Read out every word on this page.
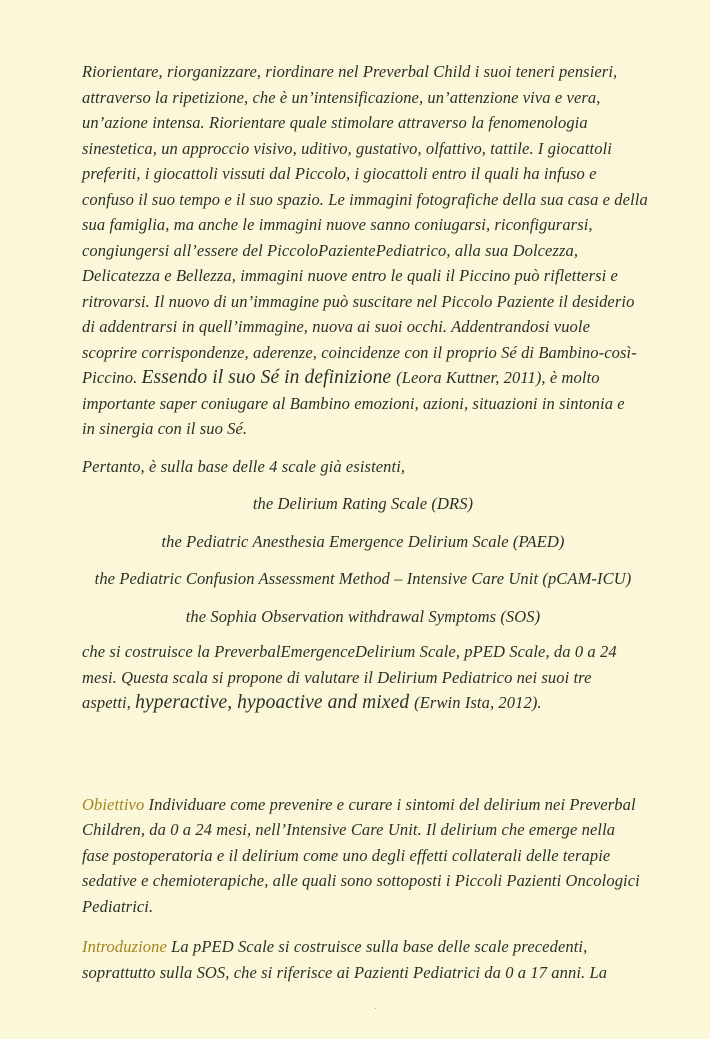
Riorientare, riorganizzare, riordinare nel Preverbal Child i suoi teneri pensieri,
attraverso la ripetizione, che è un’intensificazione, un’attenzione viva e vera,
un’azione intensa. Riorientare quale stimolare attraverso la fenomenologia
sinestetica, un approccio visivo, uditivo, gustativo, olfattivo, tattile. I giocattoli
preferiti, i giocattoli vissuti dal Piccolo, i giocattoli entro il quali ha infuso e
confuso il suo tempo e il suo spazio. Le immagini fotografiche della sua casa e della
sua famiglia, ma anche le immagini nuove sanno coniugarsi, riconfigurarsi,
congiungersi all’essere del PiccoloPazientePediatrico, alla sua Dolcezza,
Delicatezza e Bellezza, immagini nuove entro le quali il Piccino può riflettersi e
ritrovarsi. Il nuovo di un’immagine può suscitare nel Piccolo Paziente il desiderio
di addentrarsi in quell’immagine, nuova ai suoi occhi. Addentrandosi vuole
scoprire corrispondenze, aderenze, coincidenze con il proprio Sé di Bambino-così-
Piccino. Essendo il suo Sé in definizione (Leora Kuttner, 2011), è molto
importante saper coniugare al Bambino emozioni, azioni, situazioni in sintonia e
in sinergia con il suo Sé.
Pertanto, è sulla base delle 4 scale già esistenti,
the Delirium Rating Scale (DRS)
the Pediatric Anesthesia Emergence Delirium Scale (PAED)
the Pediatric Confusion Assessment Method – Intensive Care Unit (pCAM-ICU)
the Sophia Observation withdrawal Symptoms (SOS)
che si costruisce la PreverbalEmergenceDelirium Scale, pPED Scale, da 0 a 24
mesi. Questa scala si propone di valutare il Delirium Pediatrico nei suoi tre
aspetti, hyperactive, hypoactive and mixed (Erwin Ista, 2012).
Obiettivo Individuare come prevenire e curare i sintomi del delirium nei Preverbal
Children, da 0 a 24 mesi, nell’Intensive Care Unit. Il delirium che emerge nella
fase postoperatoria e il delirium come uno degli effetti collaterali delle terapie
sedative e chemioterapiche, alle quali sono sottoposti i Piccoli Pazienti Oncologici
Pediatrici.
Introduzione La pPED Scale si costruisce sulla base delle scale precedenti,
soprattutto sulla SOS, che si riferisce ai Pazienti Pediatrici da 0 a 17 anni. La
.
